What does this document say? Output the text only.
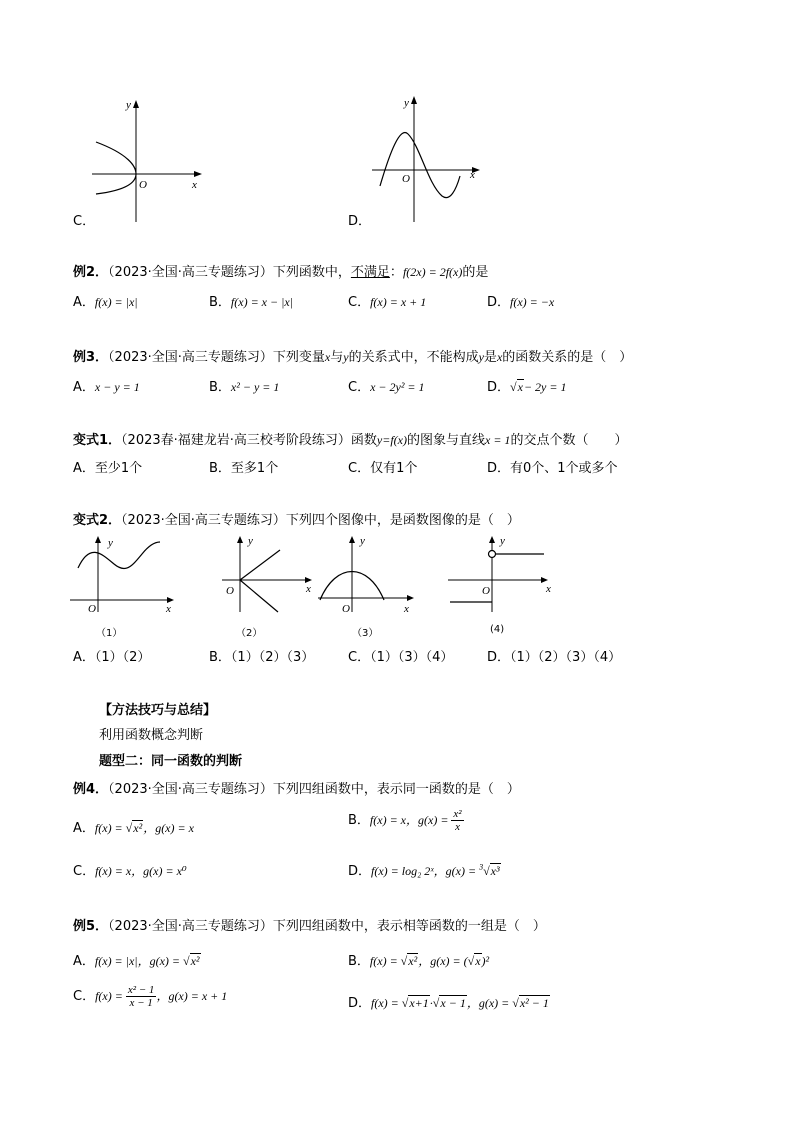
y
x
O
C．
y
x
O
D．
例2．（2023·全国·高三专题练习）下列函数中，不满足：f(2x) = 2f(x)的是
A．f(x) = |x|	B．f(x) = x − |x|	C．f(x) = x + 1	D．f(x) = −x
例3．（2023·全国·高三专题练习）下列变量x与y的关系式中，不能构成y是x的函数关系的是（　）
A．x − y = 1	B．x² − y = 1	C．x − 2y² = 1	D．√x− 2y = 1
变式1．（2023春·福建龙岩·高三校考阶段练习）函数y=f(x)的图象与直线x = 1的交点个数（　　）
A．至少1个	B．至多1个	C．仅有1个	D．有0个、1个或多个
变式2．（2023·全国·高三专题练习）下列四个图像中，是函数图像的是（　）
y
x
O
（1）
y
x
O
（2）
y
x
O
（3）
y
x
O
(4)
A．（1）（2）	B．（1）（2）（3）	C．（1）（3）（4）	D．（1）（2）（3）（4）
【方法技巧与总结】
利用函数概念判断
题型二：同一函数的判断
例4．（2023·全国·高三专题练习）下列四组函数中，表示同一函数的是（　）
A．f(x) = √x²，g(x) = x	B．f(x) = x，$g(x) = \frac{\text{x²}}{x}$
C．f(x) = x，g(x) = x⁰	D．f(x) = log₂ 2ˣ，g(x) = $^3$√x³
例5．（2023·全国·高三专题练习）下列四组函数中，表示相等函数的一组是（　）
A．f(x) = |x|，g(x) = √x²	B．f(x) = √x²，g(x) = (√x)²
C．$f(x) = \frac{\text{x² − 1}}{x - 1}$ ，g(x) = x + 1	D．f(x) = √x+1·√x − 1，g(x) = √x² − 1
